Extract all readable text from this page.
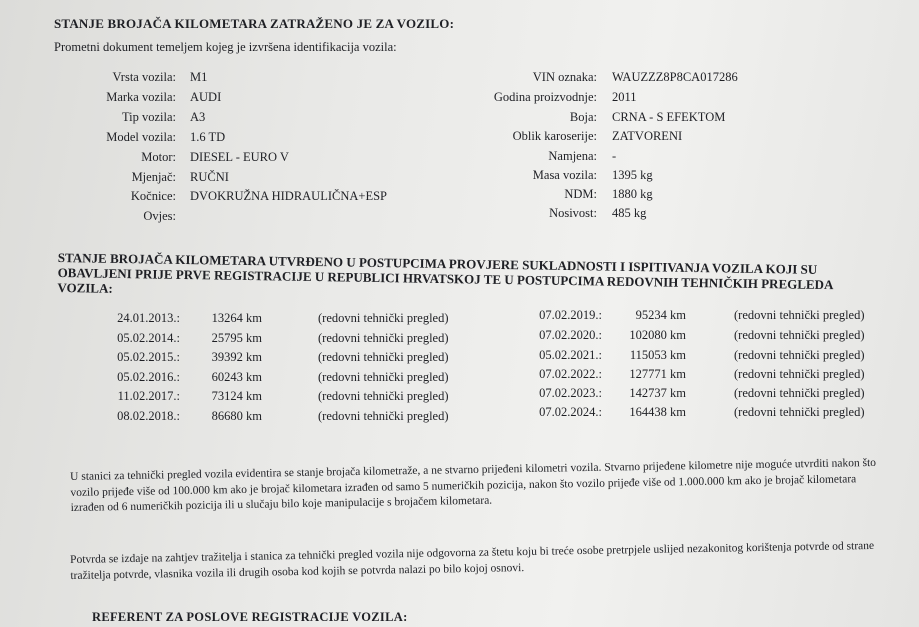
STANJE BROJAČA KILOMETARA ZATRAŽENO JE ZA VOZILO:
Prometni dokument temeljem kojeg je izvršena identifikacija vozila:
Vrsta vozila: M1
Marka vozila: AUDI
Tip vozila: A3
Model vozila: 1.6 TD
Motor: DIESEL - EURO V
Mjenjač: RUČNI
Kočnice: DVOKRUŽNA HIDRAULIČNA+ESP
Ovjes:
VIN oznaka: WAUZZZ8P8CA017286
Godina proizvodnje: 2011
Boja: CRNA - S EFEKTOM
Oblik karoserije: ZATVORENI
Namjena: -
Masa vozila: 1395 kg
NDM: 1880 kg
Nosivost: 485 kg
STANJE BROJAČA KILOMETARA UTVRĐENO U POSTUPCIMA PROVJERE SUKLADNOSTI I ISPITIVANJA VOZILA KOJI SU OBAVLJENI PRIJE PRVE REGISTRACIJE U REPUBLICI HRVATSKOJ TE U POSTUPCIMA REDOVNIH TEHNIČKIH PREGLEDA VOZILA:
24.01.2013.:	13264 km	(redovni tehnički pregled)
05.02.2014.:	25795 km	(redovni tehnički pregled)
05.02.2015.:	39392 km	(redovni tehnički pregled)
05.02.2016.:	60243 km	(redovni tehnički pregled)
11.02.2017.:	73124 km	(redovni tehnički pregled)
08.02.2018.:	86680 km	(redovni tehnički pregled)
07.02.2019.:	95234 km	(redovni tehnički pregled)
07.02.2020.:	102080 km	(redovni tehnički pregled)
05.02.2021.:	115053 km	(redovni tehnički pregled)
07.02.2022.:	127771 km	(redovni tehnički pregled)
07.02.2023.:	142737 km	(redovni tehnički pregled)
07.02.2024.:	164438 km	(redovni tehnički pregled)
U stanici za tehnički pregled vozila evidentira se stanje brojača kilometraže, a ne stvarno prijeđeni kilometri vozila. Stvarno prijeđene kilometre nije moguće utvrditi nakon što vozilo prijeđe više od 100.000 km ako je brojač kilometara izrađen od samo 5 numeričkih pozicija, nakon što vozilo prijeđe više od 1.000.000 km ako je brojač kilometara izrađen od 6 numeričkih pozicija ili u slučaju bilo koje manipulacije s brojačem kilometara.
Potvrda se izdaje na zahtjev tražitelja i stanica za tehnički pregled vozila nije odgovorna za štetu koju bi treće osobe pretrpjele uslijed nezakonitog korištenja potvrde od strane tražitelja potvrde, vlasnika vozila ili drugih osoba kod kojih se potvrda nalazi po bilo kojoj osnovi.
REFERENT ZA POSLOVE REGISTRACIJE VOZILA:
